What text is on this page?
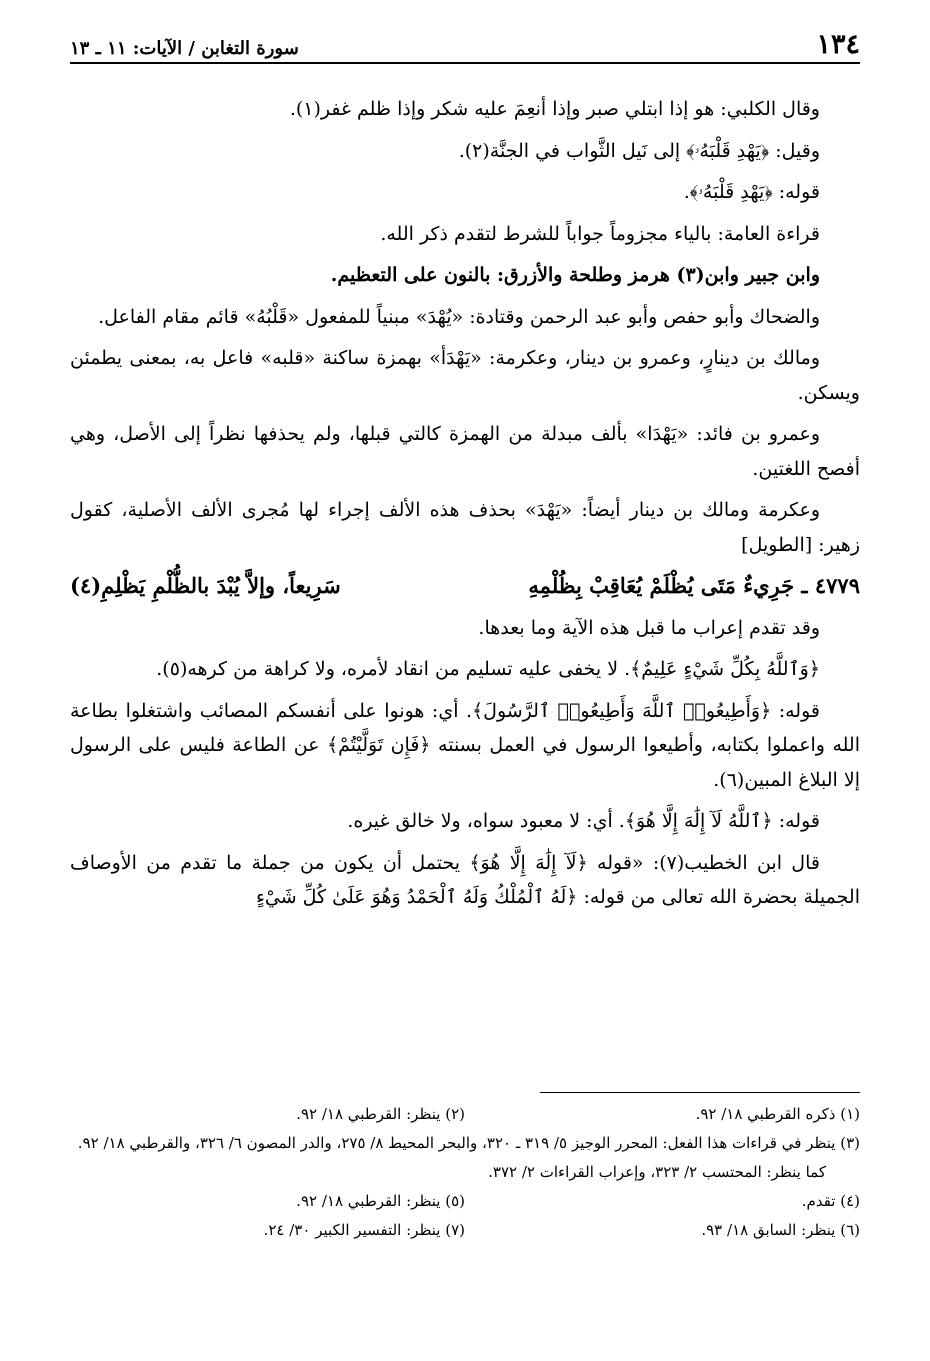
١٣٤
سورة التغابن / الآيات: ١١ ـ ١٣

وقال الكلبي: هو إذا ابتلي صبر وإذا أنعِمَ عليه شكر وإذا ظلم غفر(١).

وقيل: ﴿يَهْدِ قَلْبَهُۥ﴾ إلى نَيل الثَّواب في الجنَّة(٢).

قوله: ﴿يَهْدِ قَلْبَهُۥ﴾.

قراءة العامة: بالياء مجزوماً جواباً للشرط لتقدم ذكر الله.

وابن جبير وابن(٣) هرمز وطلحة والأزرق: بالنون على التعظيم.

والضحاك وأبو حفص وأبو عبد الرحمن وقتادة: «يُهْدَ» مبنياً للمفعول «قَلْبُهُ» قائم مقام الفاعل.

ومالك بن دينارٍ، وعمرو بن دينار، وعكرمة: «يَهْدَأ» بهمزة ساكنة «قلبه» فاعل به، بمعنى يطمئن ويسكن.

وعمرو بن فائد: «يَهْدَا» بألف مبدلة من الهمزة كالتي قبلها، ولم يحذفها نظراً إلى الأصل، وهي أفصح اللغتين.

وعكرمة ومالك بن دينار أيضاً: «يَهْدَ» بحذف هذه الألف إجراء لها مُجرى الألف الأصلية، كقول زهير: [الطويل]

٤٧٧٩ ـ جَرِيءٌ مَتَى يُظْلَمْ يُعَاقِبْ بِظُلْمِهِ
سَرِيعاً، وإلاَّ يُبْدَ بالظُّلْمِ يَظْلِمِ(٤)

وقد تقدم إعراب ما قبل هذه الآية وما بعدها.

﴿وَٱللَّهُ بِكُلِّ شَيْءٍ عَلِيمٌ﴾. لا يخفى عليه تسليم من انقاد لأمره، ولا كراهة من كرهه(٥).

قوله: ﴿وَأَطِيعُوا۟ ٱللَّهَ وَأَطِيعُوا۟ ٱلرَّسُولَ﴾. أي: هونوا على أنفسكم المصائب واشتغلوا بطاعة الله واعملوا بكتابه، وأطيعوا الرسول في العمل بسنته ﴿فَإِن تَوَلَّيْتُمْ﴾ عن الطاعة فليس على الرسول إلا البلاغ المبين(٦).

قوله: ﴿ٱللَّهُ لَآ إِلَٰهَ إِلَّا هُوَ﴾. أي: لا معبود سواه، ولا خالق غيره.

قال ابن الخطيب(٧): «قوله ﴿لَآ إِلَٰهَ إِلَّا هُوَ﴾ يحتمل أن يكون من جملة ما تقدم من الأوصاف الجميلة بحضرة الله تعالى من قوله: ﴿لَهُ ٱلْمُلْكُ وَلَهُ ٱلْحَمْدُ وَهُوَ عَلَىٰ كُلِّ شَيْءٍ

(١) ذكره القرطبي ١٨/ ٩٢.
(٢) ينظر: القرطبي ١٨/ ٩٢.
(٣) ينظر في قراءات هذا الفعل: المحرر الوجيز ٥/ ٣١٩ ـ ٣٢٠، والبحر المحيط ٨/ ٢٧٥، والدر المصون ٦/ ٣٢٦، والقرطبي ١٨/ ٩٢.
كما ينظر: المحتسب ٢/ ٣٢٣، وإعراب القراءات ٢/ ٣٧٢.
(٤) تقدم.
(٥) ينظر: القرطبي ١٨/ ٩٢.
(٦) ينظر: السابق ١٨/ ٩٣.
(٧) ينظر: التفسير الكبير ٣٠/ ٢٤.
